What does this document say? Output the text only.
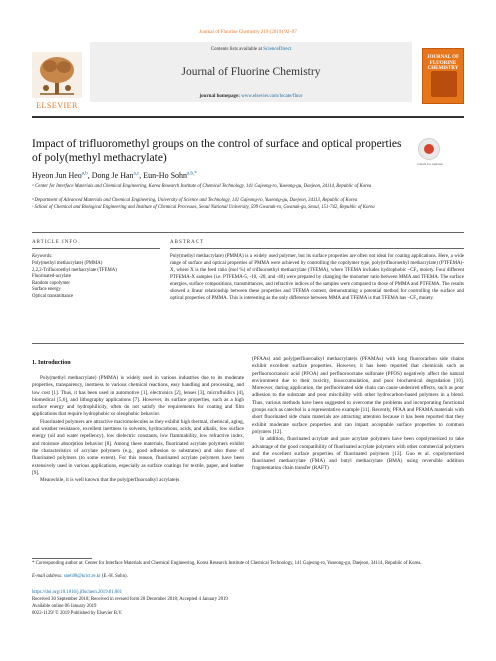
Journal of Fluorine Chemistry 219 (2019) 92–97
ELSEVIER
Contents lists available at ScienceDirect
Journal of Fluorine Chemistry
journal homepage: www.elsevier.com/locate/fluor
JOURNAL OF FLUORINE CHEMISTRY
Impact of trifluoromethyl groups on the control of surface and optical properties of poly(methyl methacrylate)	Check for updates
Hyeon Jun Heo$^{a,b}$, Dong Je Han$^{a,c}$, Eun-Ho Sohn$^{a,b,*}$
ᵃ Center for Interface Materials and Chemical Engineering, Korea Research Institute of Chemical Technology, 141 Gajeong-ro, Yuseong-gu, Daejeon, 34114, Republic of Korea
ᵇ Department of Advanced Materials and Chemical Engineering, University of Science and Technology, 141 Gajeong-ro, Yuseong-gu, Daejeon, 34113, Republic of Korea
ᶜ School of Chemical and Biological Engineering and Institute of Chemical Processes, Seoul National University, 599 Gwanak-ro, Gwanak-gu, Seoul, 151-742, Republic of Korea
ARTICLE INFO
Keywords:
Poly(methyl methacrylate) (PMMA)
2,2,2-Trifluoroethyl methacrylate (TFEMA)
Fluorinated-acrylate
Random copolymer
Surface energy
Optical transmittance
ABSTRACT
Poly(methyl methacrylate) (PMMA) is a widely used polymer, but its surface properties are often not ideal for coating applications. Here, a wide range of surface and optical properties of PMMA were achieved by controlling the copolymer type, poly(trifluoroethyl methacrylate) (PTFEMA)-X, where X is the feed ratio (mol %) of trifluoroethyl methacrylate (TFEMA), where TFEMA includes hydrophobic –CF₃ moiety. Four different PTFEMA-X samples (i.e. PTFEMA-5, -10, -20, and -40) were prepared by changing the monomer ratio between MMA and TFEMA. The surface energies, surface compositions, transmittances, and refractive indices of the samples were compared to those of PMMA and PTFEMA. The results showed a linear relationship between these properties and TFEMA content, demonstrating a potential method for controlling the surface and optical properties of PMMA. This is interesting as the only difference between MMA and TFEMA is that TFEMA has –CF₃ moiety.
1. Introduction

Poly(methyl methacrylate) (PMMA) is widely used in various industries due to its moderate properties, transparency, inertness to various chemical reactions, easy handling and processing, and low cost [1]. Thus, it has been used in automotive [1], electronics [2], lenses [3], microfluidics [4], biomedical [5,6], and lithography applications [7]. However, its surface properties, such as a high surface energy and hydrophilicity, often do not satisfy the requirements for coating and film applications that require hydrophobic or oleophobic behavior.

Fluorinated polymers are attractive macromolecules as they exhibit high thermal, chemical, aging, and weather resistance, excellent inertness to solvents, hydrocarbons, acids, and alkalis, low surface energy (oil and water repellency), low dielectric constants, low flammability, low refractive index, and moisture absorption behavior [8]. Among these materials, fluorinated acrylate polymers exhibit the characteristics of acrylate polymers (e.g., good adhesion to substrates) and also those of fluorinated polymers (to some extent). For this reason, fluorinated acrylate polymers have been extensively used in various applications, especially as surface coatings for textile, paper, and leather [9].

Meanwhile, it is well known that the poly(perfluoroalkyl acrylate)s

(PFAAs) and poly(perfluoroalkyl methacrylate)s (PFAMAs) with long fluorocarbon side chains exhibit excellent surface properties. However, it has been reported that chemicals such as perfluorooctanoic acid (PFOA) and perfluorooctane sulfonate (PFOS) negatively affect the natural environment due to their toxicity, bioaccumulation, and poor biochemical degradation [10]. Moreover, during application, the perfluorinated side chain can cause undesired effects, such as poor adhesion to the substrate and poor miscibility with other hydrocarbon-based polymers in a blend. Thus, various methods have been suggested to overcome the problems and incorporating functional groups such as catechol is a representative example [11]. Recently, PFAA and PFAMA materials with short fluorinated side chain materials are attracting attention because it has been reported that they exhibit moderate surface properties and can impart acceptable surface properties to common polymers [12].

In addition, fluorinated acrylate and pure acrylate polymers have been copolymerized to take advantage of the good compatibility of fluorinated acrylate polymers with other commercial polymers and the excellent surface properties of fluorinated polymers [13]. Guo et al. copolymerized fluorinated methacrylate (FMA) and butyl methacrylate (BMA) using reversible addition fragmentation chain transfer (RAFT)

* Corresponding author at: Center for Interface Materials and Chemical Engineering, Korea Research Institute of Chemical Technology, 141 Gajeong-ro, Yuseong-gu, Daejeon, 34114, Republic of Korea.
E-mail address: sneh98@krict.re.kr (E.-H. Sohn).
https://doi.org/10.1016/j.jfluchem.2019.01.001
Received 30 September 2018; Received in revised form 28 December 2018; Accepted 4 January 2019
Available online 06 January 2019
0022-1139/ © 2019 Published by Elsevier B.V.
